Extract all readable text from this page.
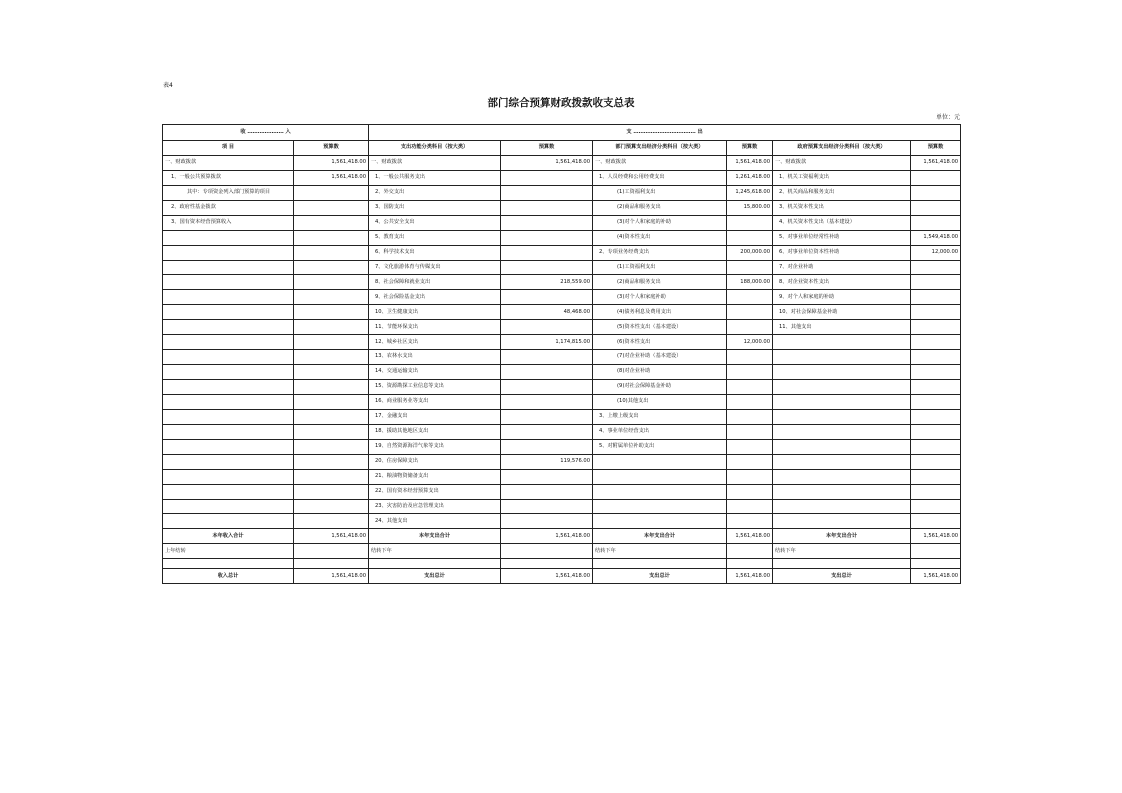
表4
部门综合预算财政拨款收支总表
单位：元
收 ………………… 入		支 ……………………………… 出					
项 目	预算数	支出功能分类科目（按大类）	预算数	部门预算支出经济分类科目（按大类）	预算数	政府预算支出经济分类科目（按大类）	预算数
一、财政拨款	1,561,418.00	一、财政拨款	1,561,418.00	一、财政拨款	1,561,418.00	一、财政拨款	1,561,418.00
1、一般公共预算拨款	1,561,418.00	1、一般公共服务支出		1、人员经费和公用经费支出	1,261,418.00	1、机关工资福利支出	
其中：专项资金列入部门预算的项目		2、外交支出		(1)工资福利支出	1,245,618.00	2、机关商品和服务支出	
2、政府性基金拨款		3、国防支出		(2)商品和服务支出	15,800.00	3、机关资本性支出	
3、国有资本经营预算收入		4、公共安全支出		(3)对个人和家庭的补助		4、机关资本性支出（基本建设）	
		5、教育支出		(4)资本性支出		5、对事业单位经常性补助	1,549,418.00
		6、科学技术支出		2、专项业务经费支出	200,000.00	6、对事业单位资本性补助	12,000.00
		7、文化旅游体育与传媒支出		(1)工资福利支出		7、对企业补助	
		8、社会保障和就业支出	218,559.00	(2)商品和服务支出	188,000.00	8、对企业资本性支出	
		9、社会保险基金支出		(3)对个人和家庭补助		9、对个人和家庭的补助	
		10、卫生健康支出	48,468.00	(4)债务利息及费用支出		10、对社会保障基金补助	
		11、节能环保支出		(5)资本性支出（基本建设）		11、其他支出	
		12、城乡社区支出	1,174,815.00	(6)资本性支出	12,000.00		
		13、农林水支出		(7)对企业补助（基本建设）			
		14、交通运输支出		(8)对企业补助			
		15、资源勘探工业信息等支出		(9)对社会保障基金补助			
		16、商业服务业等支出		(10)其他支出			
		17、金融支出		3、上缴上级支出			
		18、援助其他地区支出		4、事业单位经营支出			
		19、自然资源海洋气象等支出		5、对附属单位补助支出			
		20、住房保障支出	119,576.00				
		21、粮油物资储备支出					
		22、国有资本经营预算支出					
		23、灾害防治及应急管理支出					
		24、其他支出					
本年收入合计	1,561,418.00	本年支出合计	1,561,418.00	本年支出合计	1,561,418.00	本年支出合计	1,561,418.00
上年结转		结转下年		结转下年		结转下年	

收入总计	1,561,418.00	支出总计	1,561,418.00	支出总计	1,561,418.00	支出总计	1,561,418.00
